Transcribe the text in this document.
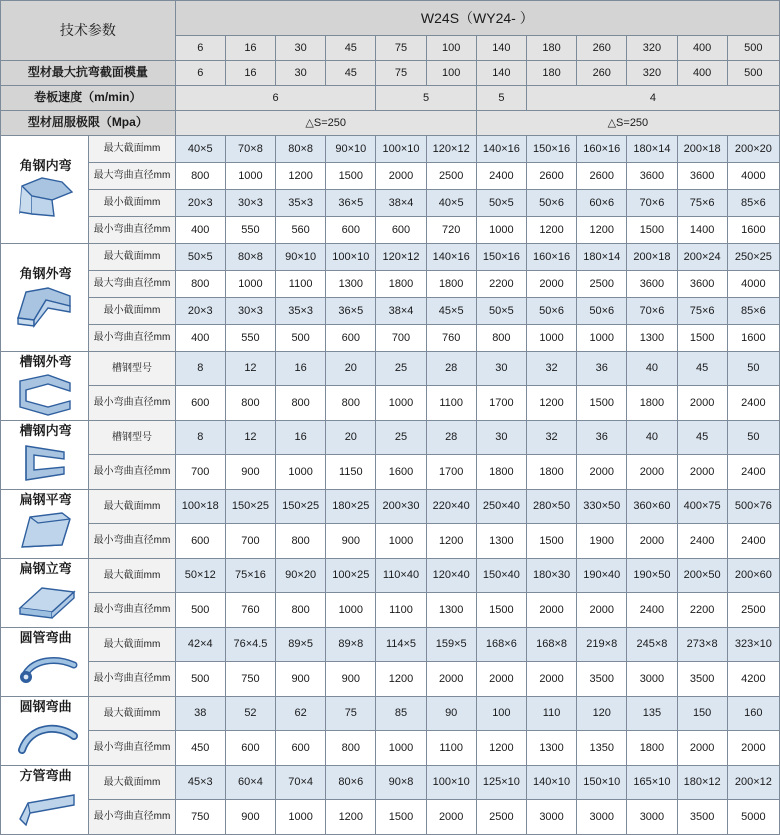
技术参数		W24S（WY24- ）											
		6	16	30	45	75	100	140	180	260	320	400	500
型材最大抗弯截面模量		6	16	30	45	75	100	140	180	260	320	400	500
卷板速度（m/min）		6				5		5	4				
型材屈服极限（Mpa）		△S=250						△S=250					

角钢内弯	最大截面mm	40×5	70×8	80×8	90×10	100×10	120×12	140×16	150×16	160×16	180×14	200×18	200×20
	最大弯曲直径mm	800	1000	1200	1500	2000	2500	2400	2600	2600	3600	3600	4000
	最小截面mm	20×3	30×3	35×3	36×5	38×4	40×5	50×5	50×6	60×6	70×6	75×6	85×6
	最小弯曲直径mm	400	550	560	600	600	720	1000	1200	1200	1500	1400	1600

角钢外弯	最大截面mm	50×5	80×8	90×10	100×10	120×12	140×16	150×16	160×16	180×14	200×18	200×24	250×25
	最大弯曲直径mm	800	1000	1100	1300	1800	1800	2200	2000	2500	3600	3600	4000
	最小截面mm	20×3	30×3	35×3	36×5	38×4	45×5	50×5	50×6	50×6	70×6	75×6	85×6
	最小弯曲直径mm	400	550	500	600	700	760	800	1000	1000	1300	1500	1600

槽钢外弯	槽钢型号	8	12	16	20	25	28	30	32	36	40	45	50
	最小弯曲直径mm	600	800	800	800	1000	1100	1700	1200	1500	1800	2000	2400

槽钢内弯	槽钢型号	8	12	16	20	25	28	30	32	36	40	45	50
	最小弯曲直径mm	700	900	1000	1150	1600	1700	1800	1800	2000	2000	2000	2400

扁钢平弯	最大截面mm	100×18	150×25	150×25	180×25	200×30	220×40	250×40	280×50	330×50	360×60	400×75	500×76
	最小弯曲直径mm	600	700	800	900	1000	1200	1300	1500	1900	2000	2400	2400

扁钢立弯	最大截面mm	50×12	75×16	90×20	100×25	110×40	120×40	150×40	180×30	190×40	190×50	200×50	200×60
	最小弯曲直径mm	500	760	800	1000	1100	1300	1500	2000	2000	2400	2200	2500

圆管弯曲	最大截面mm	42×4	76×4.5	89×5	89×8	114×5	159×5	168×6	168×8	219×8	245×8	273×8	323×10
	最小弯曲直径mm	500	750	900	900	1200	2000	2000	2000	3500	3000	3500	4200

圆钢弯曲	最大截面mm	38	52	62	75	85	90	100	110	120	135	150	160
	最小弯曲直径mm	450	600	600	800	1000	1100	1200	1300	1350	1800	2000	2000

方管弯曲	最大截面mm	45×3	60×4	70×4	80×6	90×8	100×10	125×10	140×10	150×10	165×10	180×12	200×12
	最小弯曲直径mm	750	900	1000	1200	1500	2000	2500	3000	3000	3000	3500	5000
